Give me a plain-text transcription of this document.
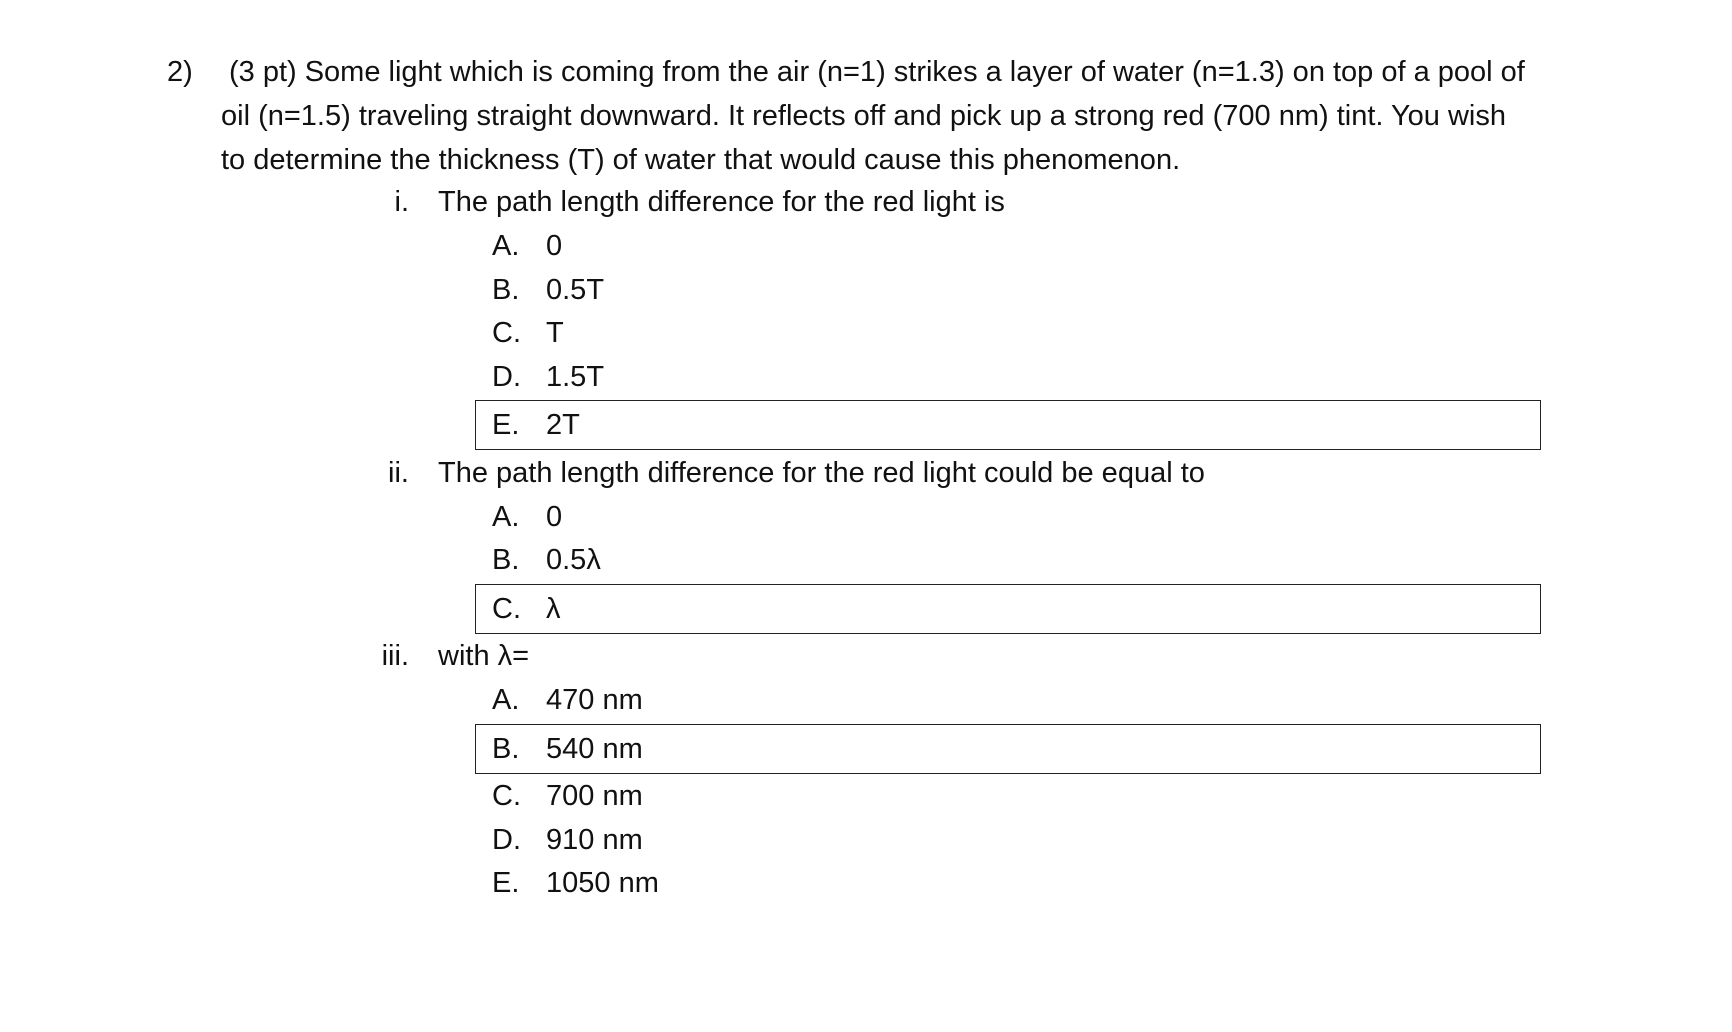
2) (3 pt) Some light which is coming from the air (n=1) strikes a layer of water (n=1.3) on top of a pool of oil (n=1.5) traveling straight downward. It reflects off and pick up a strong red (700 nm) tint. You wish to determine the thickness (T) of water that would cause this phenomenon.
i. The path length difference for the red light is
A. 0
B. 0.5T
C. T
D. 1.5T
E. 2T
ii. The path length difference for the red light could be equal to
A. 0
B. 0.5λ
C. λ
iii. with λ=
A. 470 nm
B. 540 nm
C. 700 nm
D. 910 nm
E. 1050 nm
